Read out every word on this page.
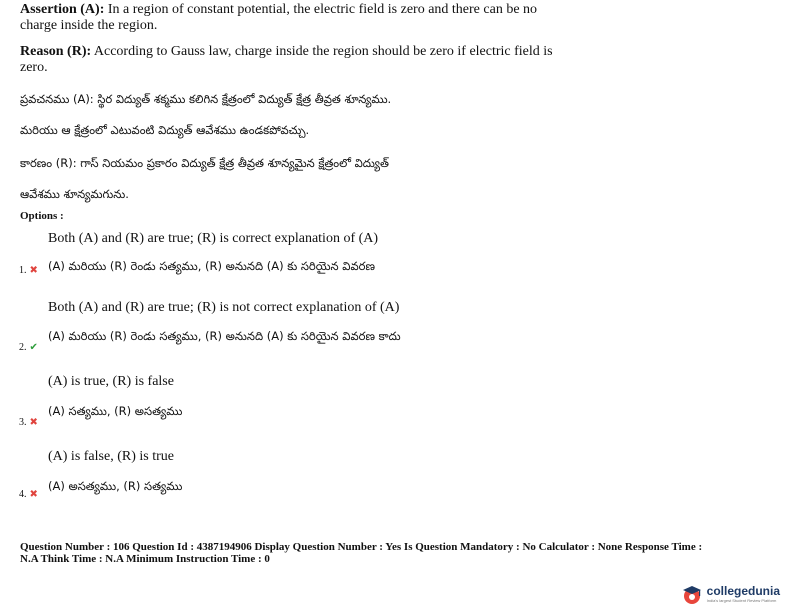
Assertion (A): In a region of constant potential, the electric field is zero and there can be no charge inside the region.
Reason (R): According to Gauss law, charge inside the region should be zero if electric field is zero.
ప్రవచనము (A): స్థిర విద్యుత్ శక్మము కలిగిన క్షేత్రంలో విద్యుత్ క్షేత్ర తీవ్రత శూన్యము.
మరియు ఆ క్షేత్రంలో ఎటువంటి విద్యుత్ ఆవేశము ఉండకపోవచ్చు.
కారణం (R): గాస్ నియమం ప్రకారం విద్యుత్ క్షేత్ర తీవ్రత శూన్యమైన క్షేత్రంలో విద్యుత్
ఆవేశము శూన్యమగును.
Options :
Both (A) and (R) are true; (R) is correct explanation of (A)
(A) మరియు (R) రెండు సత్యము, (R) అనునది (A) కు సరియైన వివరణ
1. ✖
Both (A) and (R) are true; (R) is not correct explanation of (A)
(A) మరియు (R) రెండు సత్యము, (R) అనునది (A) కు సరియైన వివరణ కాదు
2. ✔
(A) is true, (R) is false
(A) సత్యము, (R) అసత్యము
3. ✖
(A) is false, (R) is true
(A) అసత్యము, (R) సత్యము
4. ✖
Question Number : 106 Question Id : 4387194906 Display Question Number : Yes Is Question Mandatory : No Calculator : None Response Time :
N.A Think Time : N.A Minimum Instruction Time : 0
collegedunia
India's largest Student Review Platform
